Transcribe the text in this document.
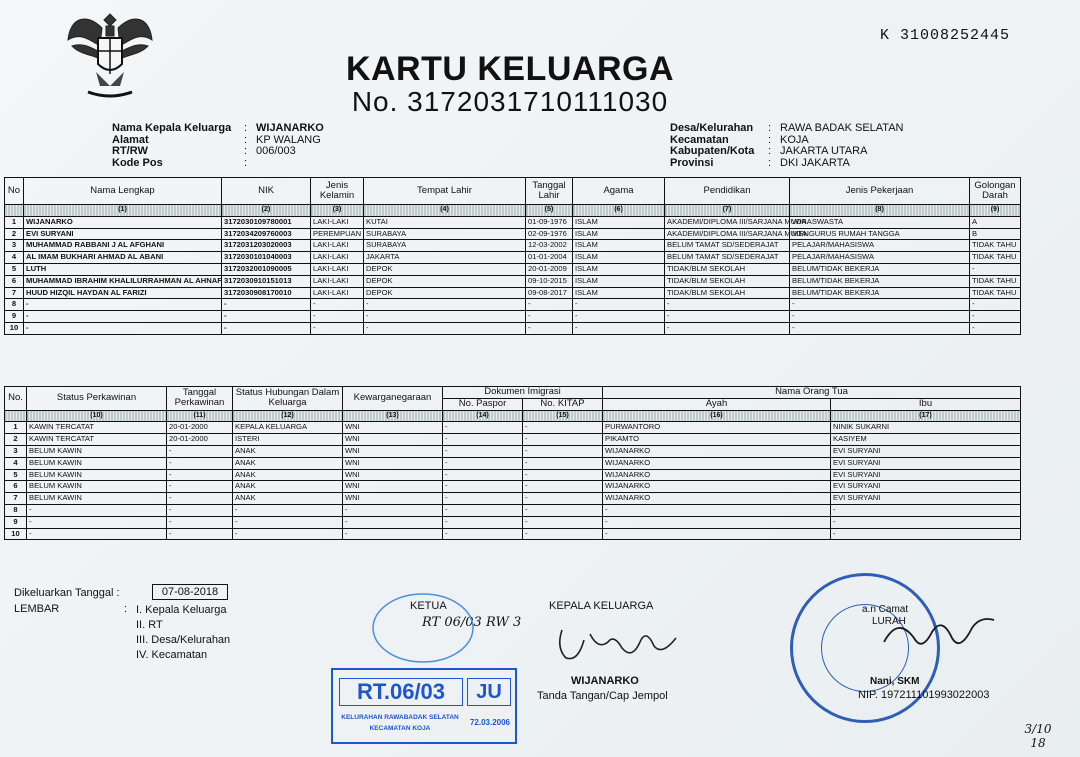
K 31008252445
KARTU KELUARGA
No. 3172031710111030
Nama Kepala Keluarga	: WIJANARKO
Alamat	: KP WALANG
RT/RW	: 006/003
Kode Pos	:
Desa/Kelurahan	: RAWA BADAK SELATAN
Kecamatan	: KOJA
Kabupaten/Kota	: JAKARTA UTARA
Provinsi	: DKI JAKARTA
No	Nama Lengkap	NIK	Jenis Kelamin	Tempat Lahir	Tanggal Lahir	Agama	Pendidikan	Jenis Pekerjaan	Golongan Darah
	(1)	(2)	(3)	(4)	(5)	(6)	(7)	(8)	(9)
1	WIJANARKO	3172030109780001	LAKI-LAKI	KUTAI	01-09-1976	ISLAM	AKADEMI/DIPLOMA III/SARJANA MUDA	WIRASWASTA	A
2	EVI SURYANI	3172034209760003	PEREMPUAN	SURABAYA	02-09-1976	ISLAM	AKADEMI/DIPLOMA III/SARJANA MUDA	MENGURUS RUMAH TANGGA	B
3	MUHAMMAD RABBANI J AL AFGHANI	3172031203020003	LAKI-LAKI	SURABAYA	12-03-2002	ISLAM	BELUM TAMAT SD/SEDERAJAT	PELAJAR/MAHASISWA	TIDAK TAHU
4	AL IMAM BUKHARI AHMAD AL ABANI	3172030101040003	LAKI-LAKI	JAKARTA	01-01-2004	ISLAM	BELUM TAMAT SD/SEDERAJAT	PELAJAR/MAHASISWA	TIDAK TAHU
5	LUTH	3172032001090005	LAKI-LAKI	DEPOK	20-01-2009	ISLAM	TIDAK/BLM SEKOLAH	BELUM/TIDAK BEKERJA	-
6	MUHAMMAD IBRAHIM KHALILURRAHMAN AL AHNAF	3172030910151013	LAKI-LAKI	DEPOK	09-10-2015	ISLAM	TIDAK/BLM SEKOLAH	BELUM/TIDAK BEKERJA	TIDAK TAHU
7	HUUD HIZQIL HAYDAN AL FARIZI	3172030908170010	LAKI-LAKI	DEPOK	09-08-2017	ISLAM	TIDAK/BLM SEKOLAH	BELUM/TIDAK BEKERJA	TIDAK TAHU
8	-	-	-	-	-	-	-	-	-
9	-	-	-	-	-	-	-	-	-
10	-	-	-	-	-	-	-	-	-
No.	Status Perkawinan	Tanggal Perkawinan	Status Hubungan Dalam Keluarga	Kewarganegaraan	Dokumen Imigrasi		Nama Orang Tua	
					No. Paspor	No. KITAP	Ayah	Ibu
	(10)	(11)	(12)	(13)	(14)	(15)	(16)	(17)
1	KAWIN TERCATAT	20-01-2000	KEPALA KELUARGA	WNI	-	-	PURWANTORO	NINIK SUKARNI
2	KAWIN TERCATAT	20-01-2000	ISTERI	WNI	-	-	PIKAMTO	KASIYEM
3	BELUM KAWIN	-	ANAK	WNI	-	-	WIJANARKO	EVI SURYANI
4	BELUM KAWIN	-	ANAK	WNI	-	-	WIJANARKO	EVI SURYANI
5	BELUM KAWIN	-	ANAK	WNI	-	-	WIJANARKO	EVI SURYANI
6	BELUM KAWIN	-	ANAK	WNI	-	-	WIJANARKO	EVI SURYANI
7	BELUM KAWIN	-	ANAK	WNI	-	-	WIJANARKO	EVI SURYANI
8	-	-	-	-	-	-	-	-
9	-	-	-	-	-	-	-	-
10	-	-	-	-	-	-	-	-
Dikeluarkan Tanggal :	07-08-2018
LEMBAR	: I. Kepala Keluarga
II. RT
III. Desa/Kelurahan
IV. Kecamatan
KETUA
RT 06/03 RW 3
KEPALA KELUARGA
WIJANARKO
Tanda Tangan/Cap Jempol
RT.06/03	JU
KELURAHAN RAWABADAK SELATAN
KECAMATAN KOJA
72.03.2006
a.n Camat
LURAH
Nani, SKM
NIP. 197211101993022003
3/10 18
